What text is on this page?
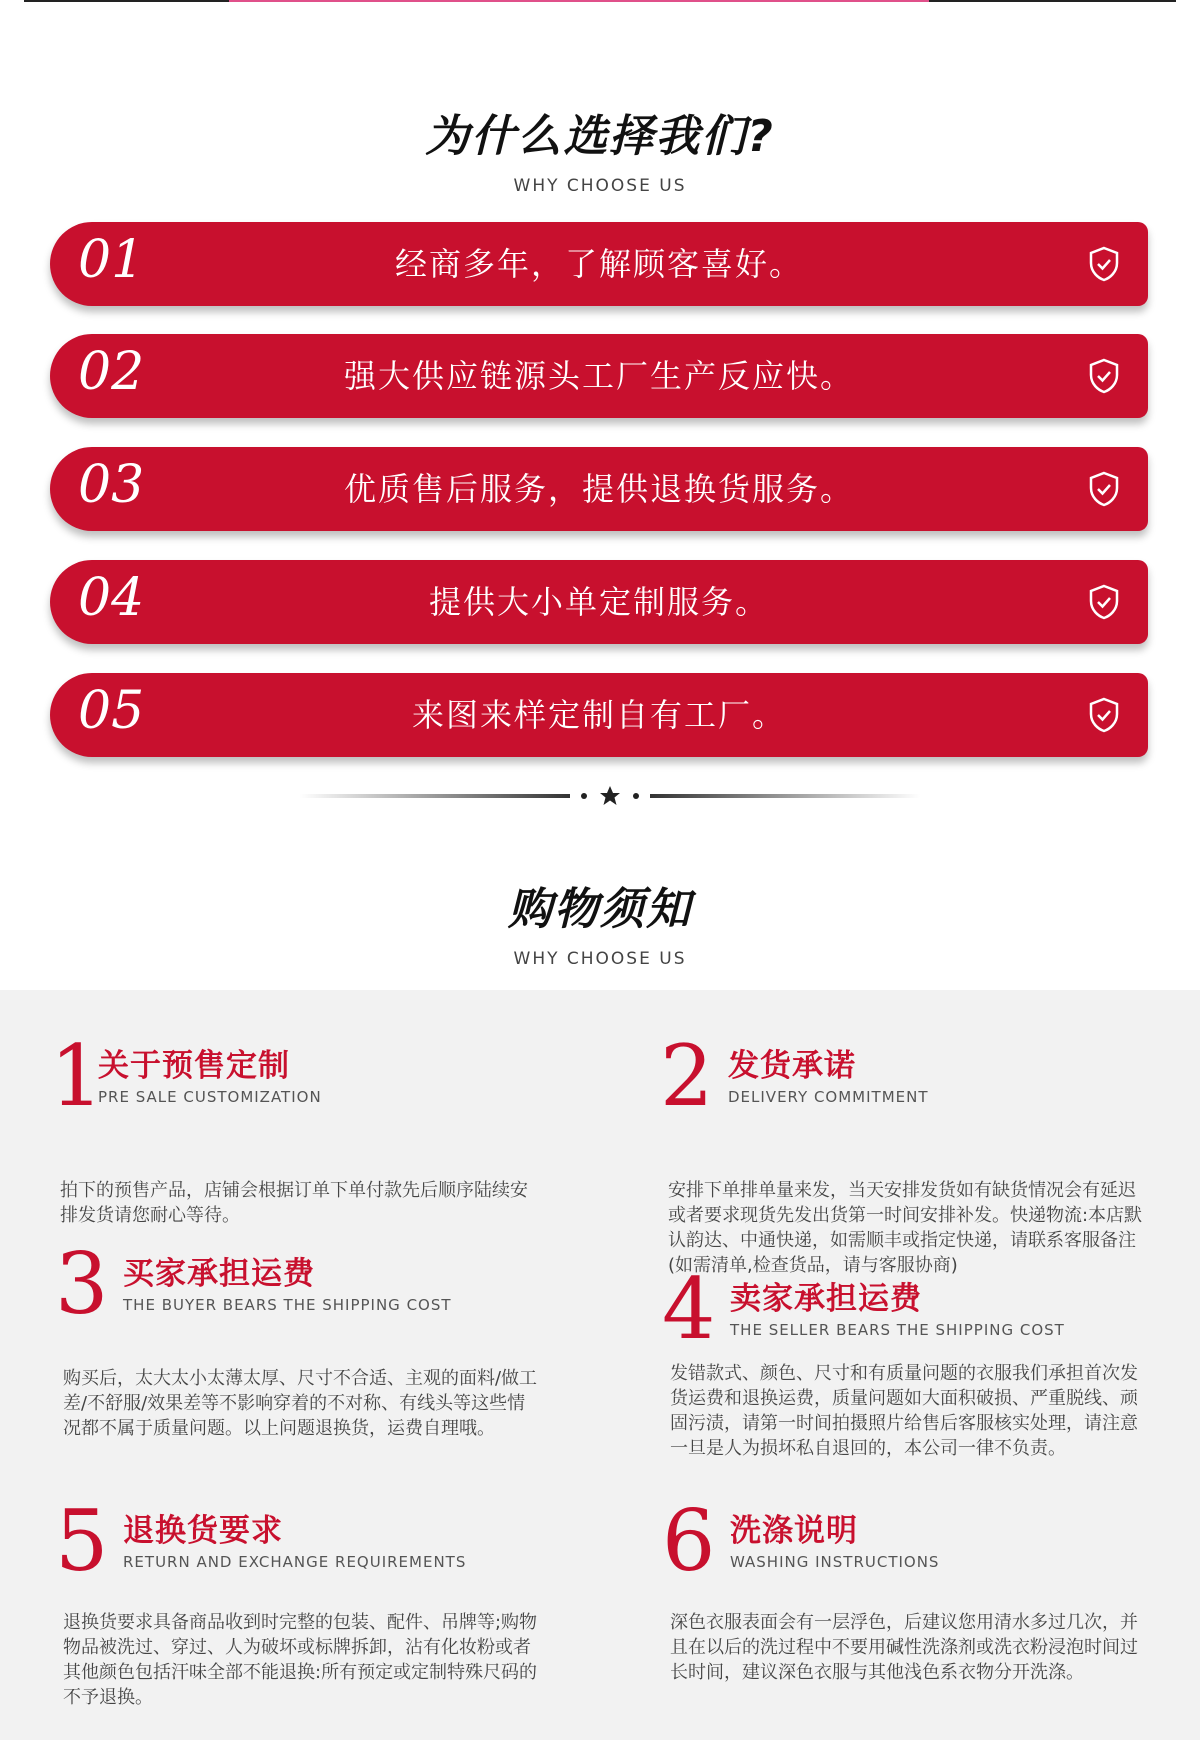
为什么选择我们?
WHY CHOOSE US
01	经商多年，了解顾客喜好。
02	强大供应链源头工厂生产反应快。
03	优质售后服务，提供退换货服务。
04	提供大小单定制服务。
05	来图来样定制自有工厂。
购物须知
WHY CHOOSE US
1
关于预售定制
PRE SALE CUSTOMIZATION
拍下的预售产品，店铺会根据订单下单付款先后顺序陆续安排发货请您耐心等待。
2 发货承诺
DELIVERY COMMITMENT
安排下单排单量来发，当天安排发货如有缺货情况会有延迟或者要求现货先发出货第一时间安排补发。快递物流:本店默认韵达、中通快递，如需顺丰或指定快递，请联系客服备注(如需清单,检查货品，请与客服协商)
3 买家承担运费
THE BUYER BEARS THE SHIPPING COST
购买后，太大太小太薄太厚、尺寸不合适、主观的面料/做工差/不舒服/效果差等不影响穿着的不对称、有线头等这些情况都不属于质量问题。以上问题退换货，运费自理哦。
4 卖家承担运费
THE SELLER BEARS THE SHIPPING COST
发错款式、颜色、尺寸和有质量问题的衣服我们承担首次发货运费和退换运费，质量问题如大面积破损、严重脱线、顽固污渍，请第一时间拍摄照片给售后客服核实处理，请注意一旦是人为损坏私自退回的，本公司一律不负责。
5 退换货要求
RETURN AND EXCHANGE REQUIREMENTS
退换货要求具备商品收到时完整的包装、配件、吊牌等;购物物品被洗过、穿过、人为破坏或标牌拆卸，沾有化妆粉或者其他颜色包括汗味全部不能退换:所有预定或定制特殊尺码的不予退换。
6 洗涤说明
WASHING INSTRUCTIONS
深色衣服表面会有一层浮色，后建议您用清水多过几次，并且在以后的洗过程中不要用碱性洗涤剂或洗衣粉浸泡时间过长时间，建议深色衣服与其他浅色系衣物分开洗涤。
